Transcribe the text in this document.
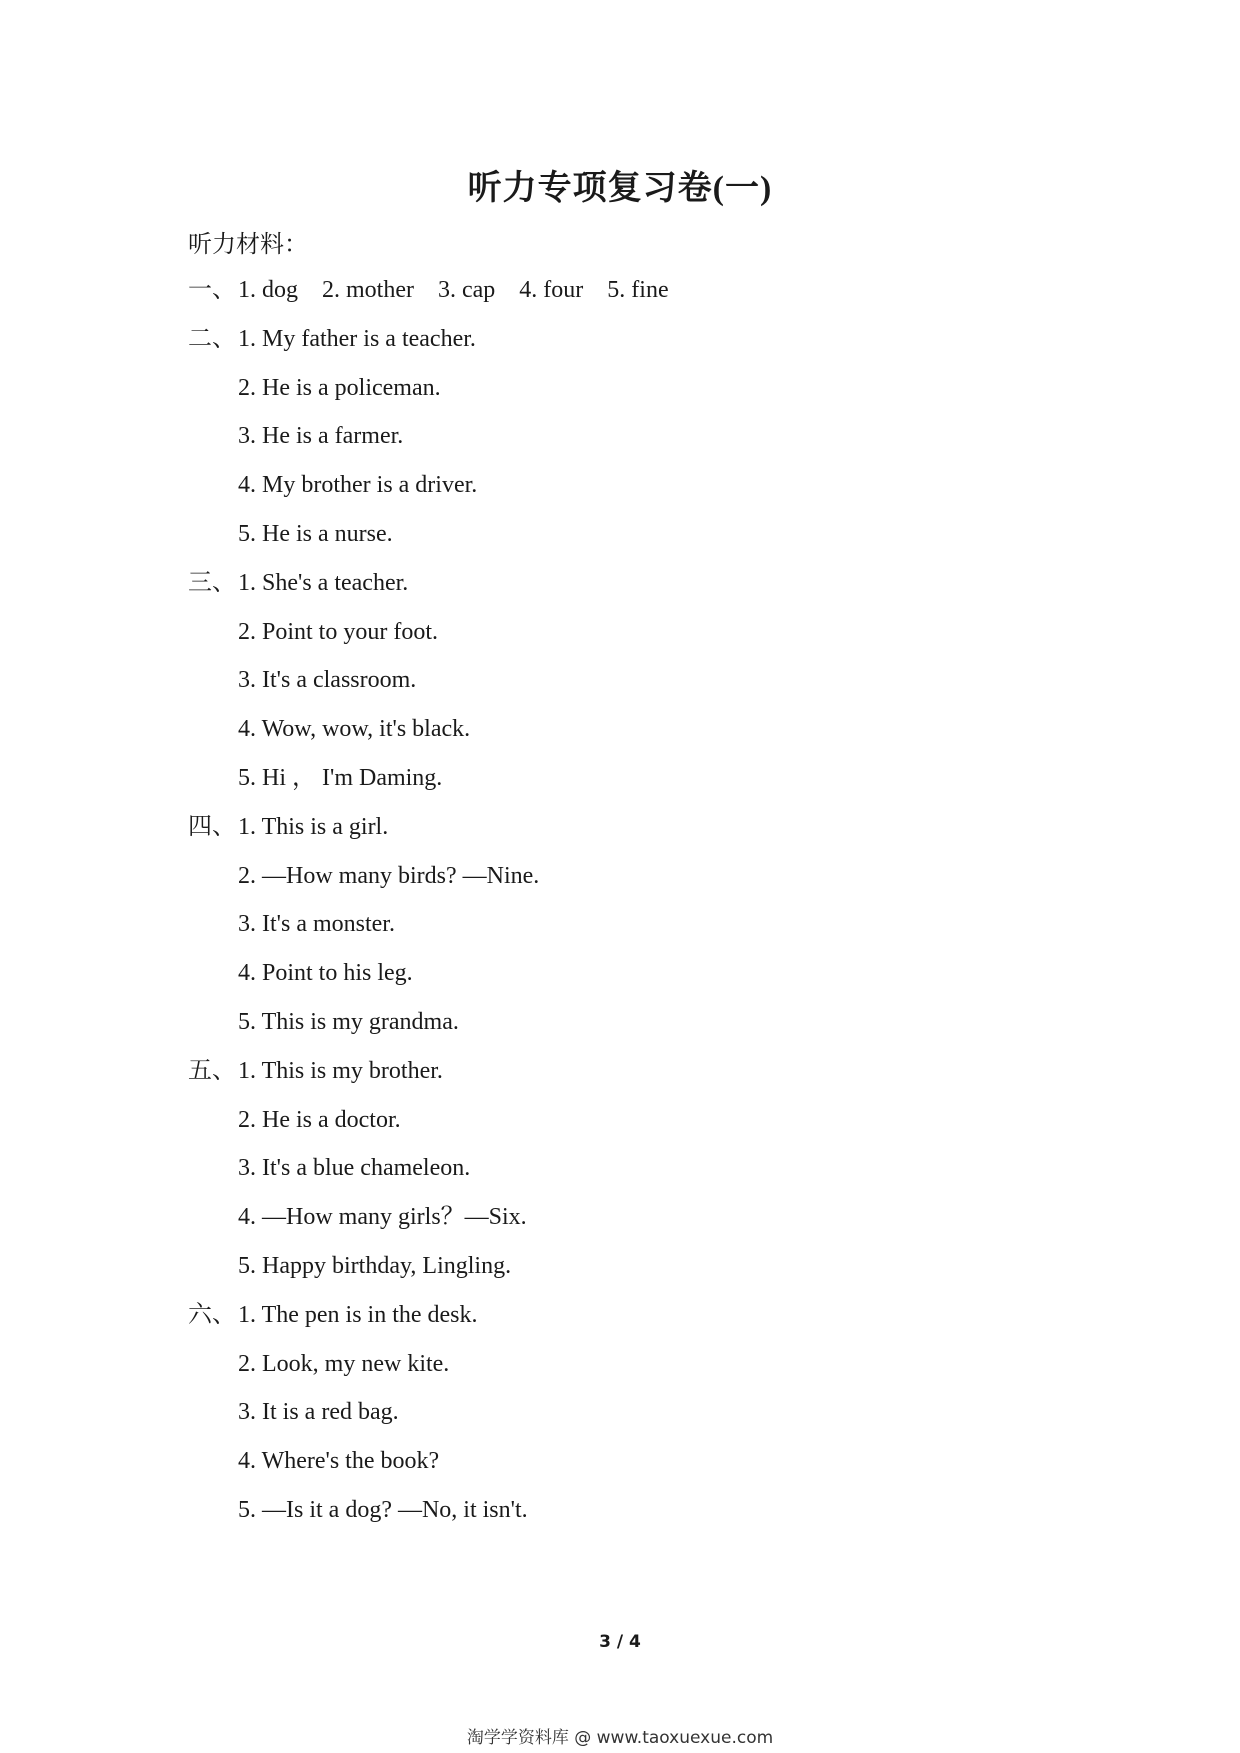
听力专项复习卷(一)
听力材料：
一、1. dog 2. mother 3. cap 4. four 5. fine
二、1. My father is a teacher.
2. He is a policeman.
3. He is a farmer.
4. My brother is a driver.
5. He is a nurse.
三、1. She's a teacher.
2. Point to your foot.
3. It's a classroom.
4. Wow, wow, it's black.
5. Hi ， I'm Daming.
四、1. This is a girl.
2. —How many birds? —Nine.
3. It's a monster.
4. Point to his leg.
5. This is my grandma.
五、1. This is my brother.
2. He is a doctor.
3. It's a blue chameleon.
4. —How many girls？—Six.
5. Happy birthday, Lingling.
六、1. The pen is in the desk.
2. Look, my new kite.
3. It is a red bag.
4. Where's the book?
5. —Is it a dog? —No, it isn't.
3 / 4
淘学学资料库 @ www.taoxuexue.com
